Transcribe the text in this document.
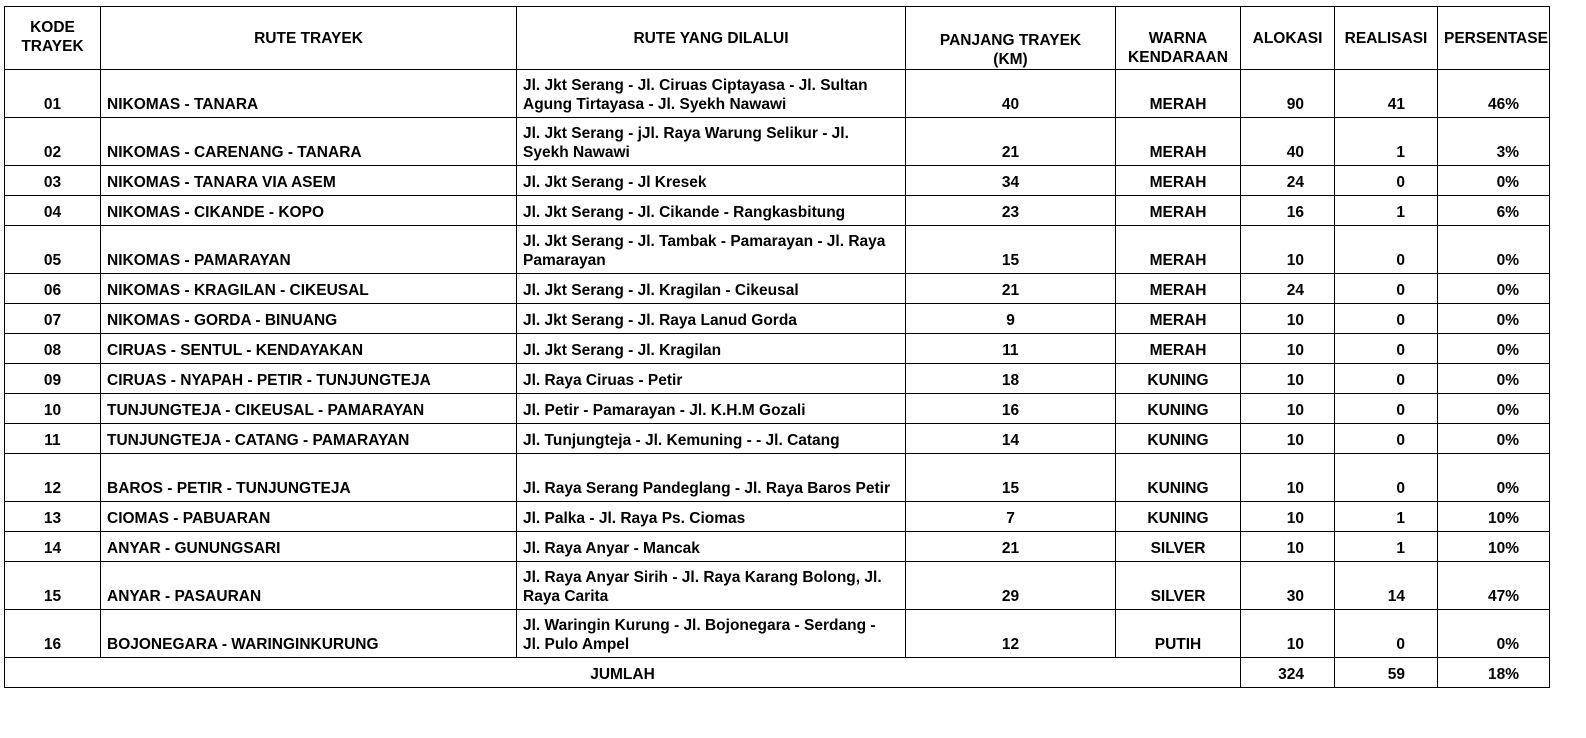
KODE TRAYEK	RUTE TRAYEK	RUTE YANG DILALUI	PANJANG TRAYEK (KM)	WARNA KENDARAAN	ALOKASI	REALISASI	PERSENTASE
01	NIKOMAS - TANARA	Jl. Jkt Serang - Jl. Ciruas Ciptayasa - Jl. Sultan Agung Tirtayasa - Jl. Syekh Nawawi	40	MERAH	90	41	46%
02	NIKOMAS - CARENANG - TANARA	Jl. Jkt Serang - jJl. Raya Warung Selikur - Jl. Syekh Nawawi	21	MERAH	40	1	3%
03	NIKOMAS - TANARA VIA ASEM	Jl. Jkt Serang - Jl Kresek	34	MERAH	24	0	0%
04	NIKOMAS - CIKANDE - KOPO	Jl. Jkt Serang - Jl. Cikande - Rangkasbitung	23	MERAH	16	1	6%
05	NIKOMAS - PAMARAYAN	Jl. Jkt Serang - Jl. Tambak - Pamarayan - Jl. Raya Pamarayan	15	MERAH	10	0	0%
06	NIKOMAS - KRAGILAN - CIKEUSAL	Jl. Jkt Serang - Jl. Kragilan - Cikeusal	21	MERAH	24	0	0%
07	NIKOMAS - GORDA - BINUANG	Jl. Jkt Serang - Jl. Raya Lanud Gorda	9	MERAH	10	0	0%
08	CIRUAS - SENTUL - KENDAYAKAN	Jl. Jkt Serang - Jl. Kragilan	11	MERAH	10	0	0%
09	CIRUAS - NYAPAH - PETIR - TUNJUNGTEJA	Jl. Raya Ciruas - Petir	18	KUNING	10	0	0%
10	TUNJUNGTEJA - CIKEUSAL - PAMARAYAN	Jl. Petir - Pamarayan - Jl. K.H.M Gozali	16	KUNING	10	0	0%
11	TUNJUNGTEJA - CATANG - PAMARAYAN	Jl. Tunjungteja - Jl. Kemuning - - Jl. Catang	14	KUNING	10	0	0%
12	BAROS - PETIR - TUNJUNGTEJA	Jl. Raya Serang Pandeglang - Jl. Raya Baros Petir	15	KUNING	10	0	0%
13	CIOMAS - PABUARAN	Jl. Palka - Jl. Raya Ps. Ciomas	7	KUNING	10	1	10%
14	ANYAR - GUNUNGSARI	Jl. Raya Anyar - Mancak	21	SILVER	10	1	10%
15	ANYAR - PASAURAN	Jl. Raya Anyar Sirih - Jl. Raya Karang Bolong, Jl. Raya Carita	29	SILVER	30	14	47%
16	BOJONEGARA - WARINGINKURUNG	Jl. Waringin Kurung - Jl. Bojonegara - Serdang - Jl. Pulo Ampel	12	PUTIH	10	0	0%
JUMLAH					324	59	18%
